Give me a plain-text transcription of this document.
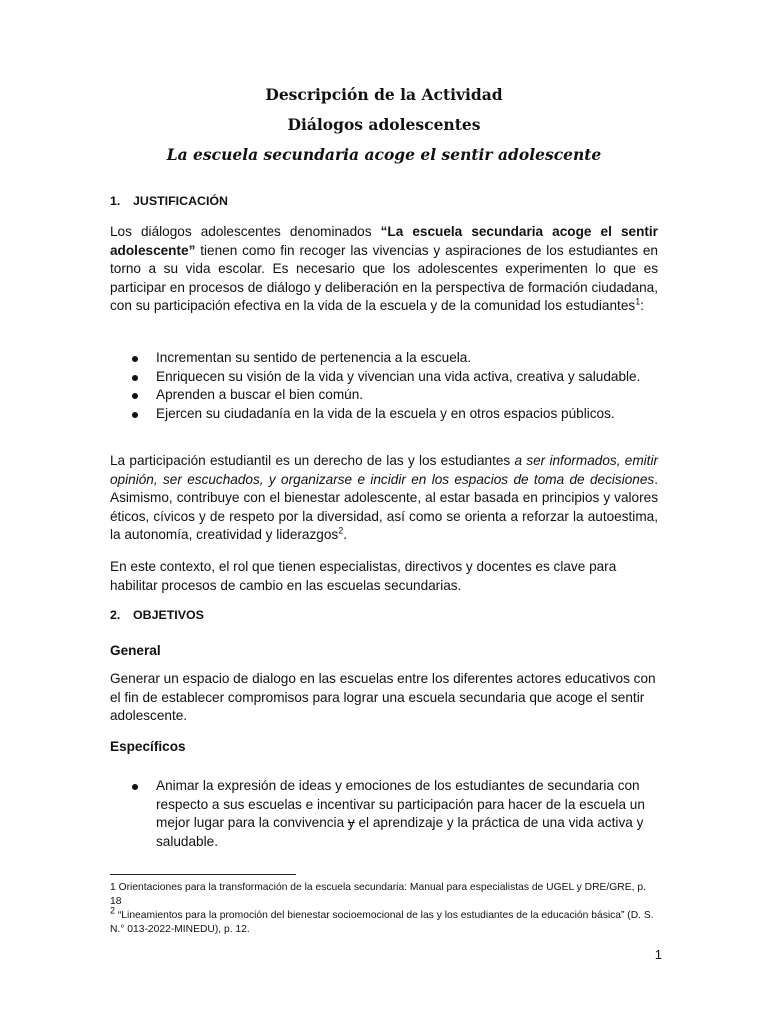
Descripción de la Actividad
Diálogos adolescentes
La escuela secundaria acoge el sentir adolescente
1. JUSTIFICACIÓN
Los diálogos adolescentes denominados “La escuela secundaria acoge el sentir adolescente” tienen como fin recoger las vivencias y aspiraciones de los estudiantes en torno a su vida escolar. Es necesario que los adolescentes experimenten lo que es participar en procesos de diálogo y deliberación en la perspectiva de formación ciudadana, con su participación efectiva en la vida de la escuela y de la comunidad los estudiantes$^1$:
Incrementan su sentido de pertenencia a la escuela.
Enriquecen su visión de la vida y vivencian una vida activa, creativa y saludable.
Aprenden a buscar el bien común.
Ejercen su ciudadanía en la vida de la escuela y en otros espacios públicos.
La participación estudiantil es un derecho de las y los estudiantes a ser informados, emitir opinión, ser escuchados, y organizarse e incidir en los espacios de toma de decisiones. Asimismo, contribuye con el bienestar adolescente, al estar basada en principios y valores éticos, cívicos y de respeto por la diversidad, así como se orienta a reforzar la autoestima, la autonomía, creatividad y liderazgos$^2$.
En este contexto, el rol que tienen especialistas, directivos y docentes es clave para habilitar procesos de cambio en las escuelas secundarias.
2. OBJETIVOS
General
Generar un espacio de dialogo en las escuelas entre los diferentes actores educativos con el fin de establecer compromisos para lograr una escuela secundaria que acoge el sentir adolescente.
Específicos
Animar la expresión de ideas y emociones de los estudiantes de secundaria con respecto a sus escuelas e incentivar su participación para hacer de la escuela un mejor lugar para la convivencia y el aprendizaje y la práctica de una vida activa y saludable.
1 Orientaciones para la transformación de la escuela secundaria: Manual para especialistas de UGEL y DRE/GRE, p. 18
$^2$ “Lineamientos para la promoción del bienestar socioemocional de las y los estudiantes de la educación básica” (D. S. N.° 013-2022-MINEDU), p. 12.
1
